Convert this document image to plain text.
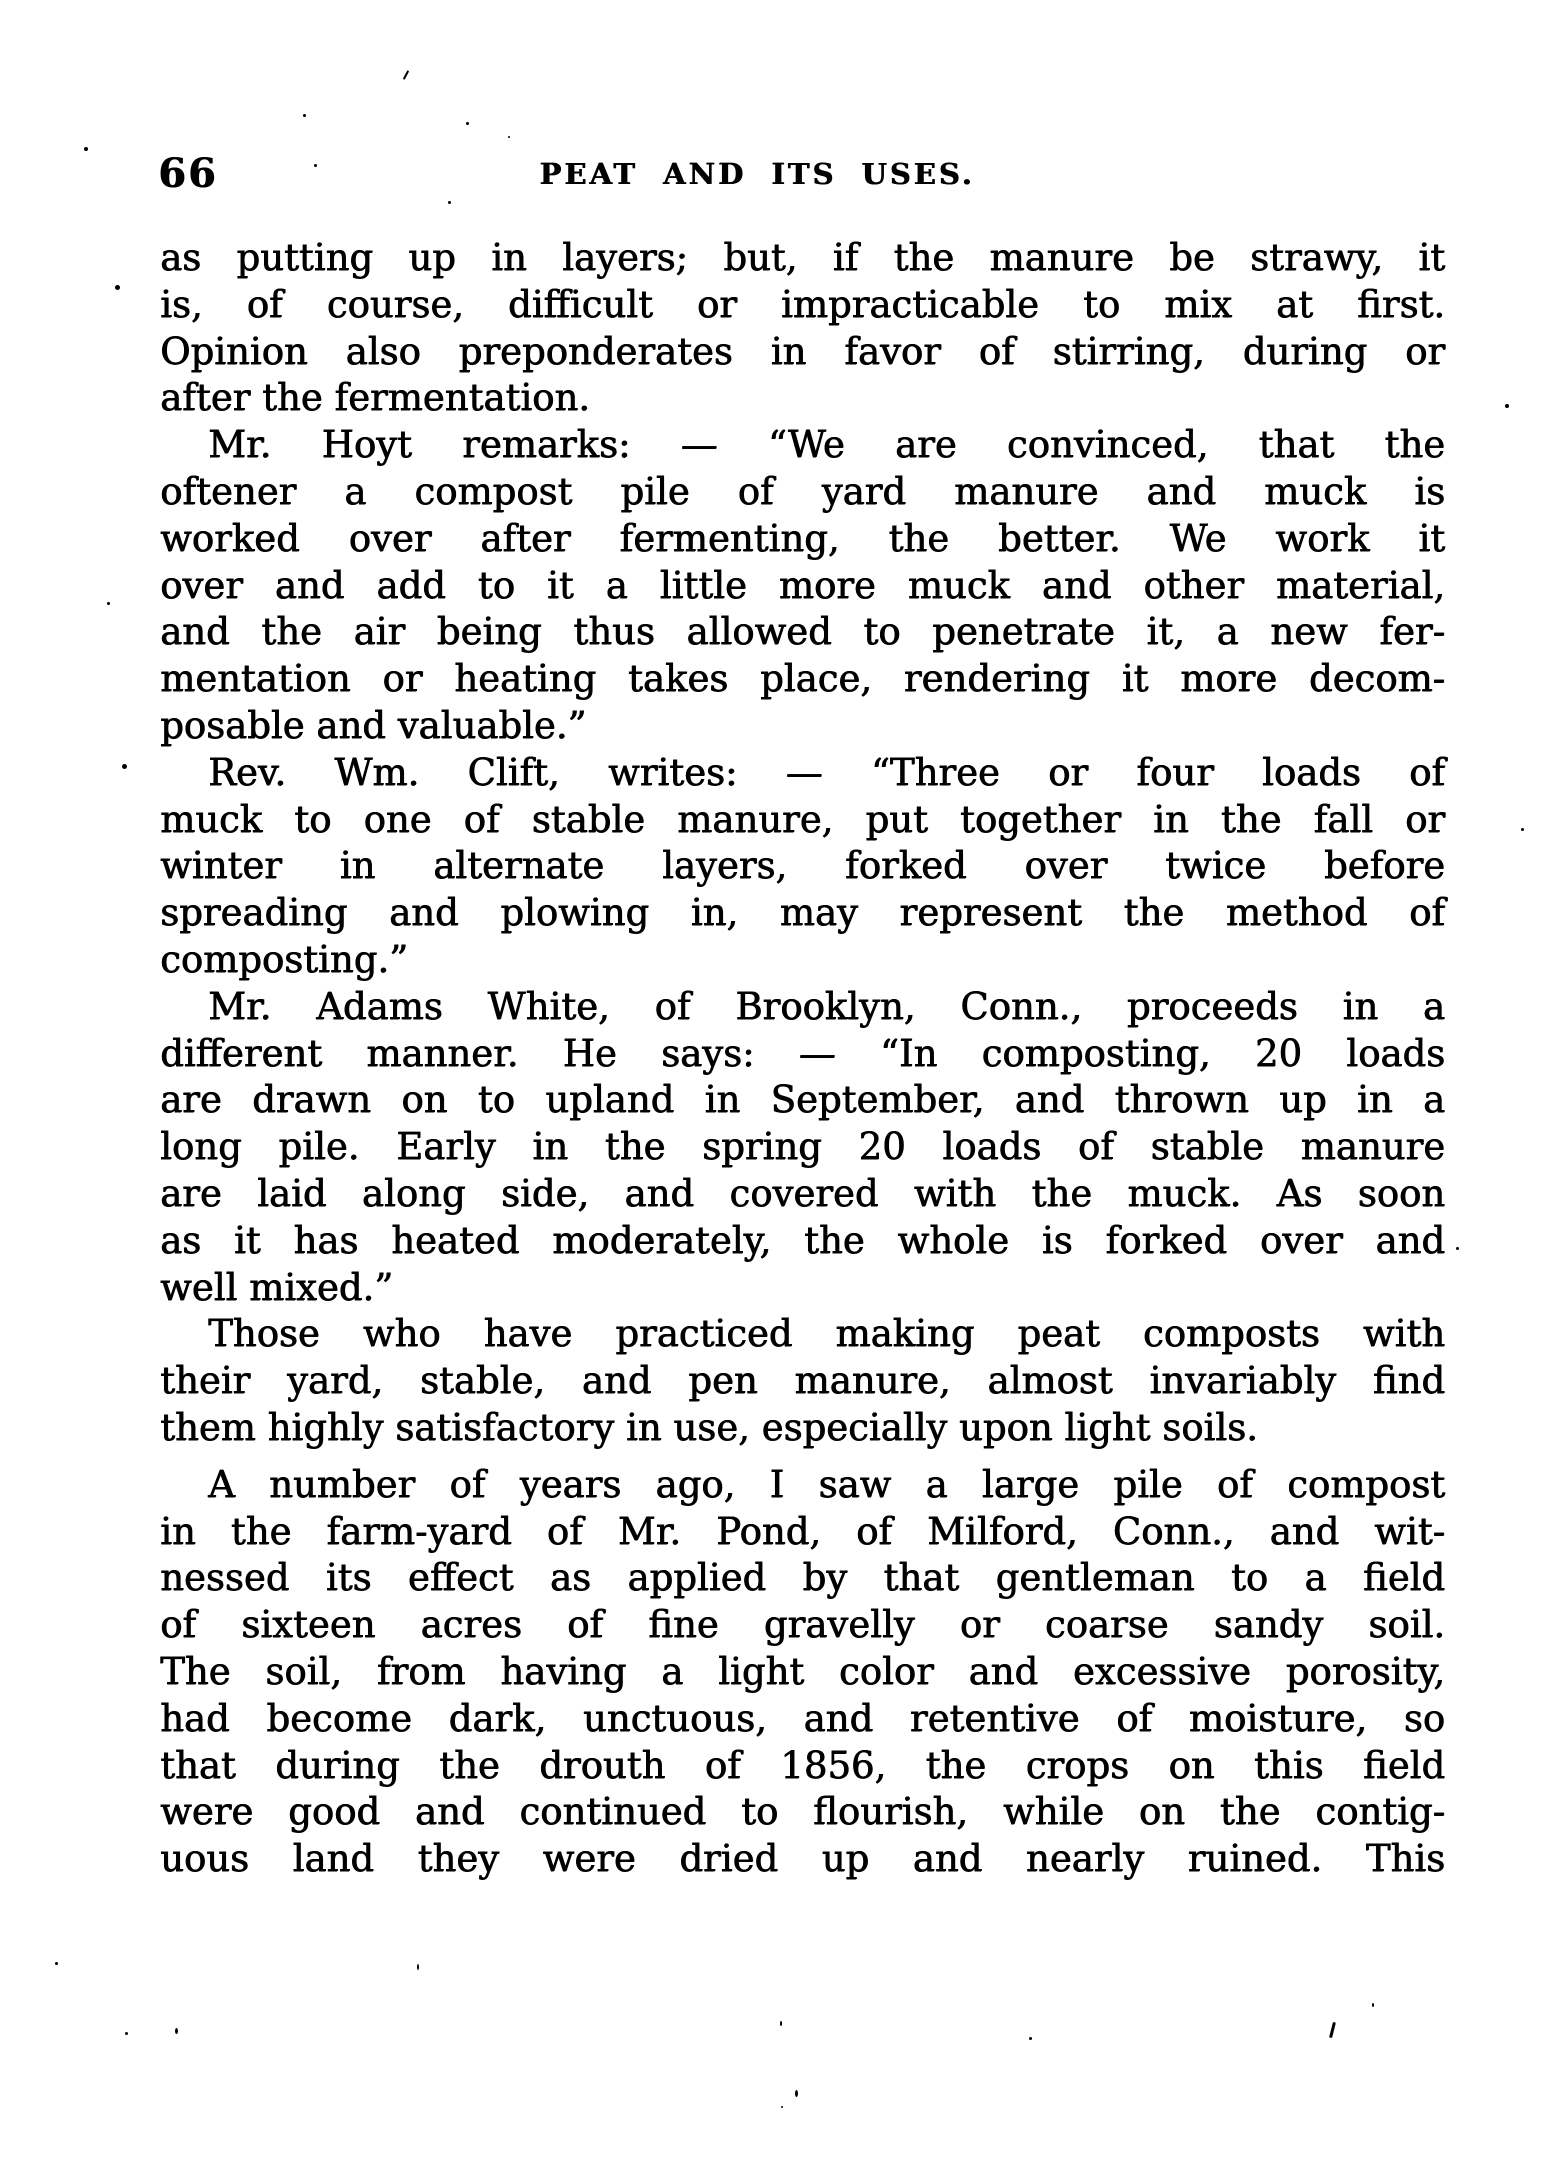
66	PEAT AND ITS USES.
as putting up in layers; but, if the manure be strawy, it
is, of course, difficult or impracticable to mix at first.
Opinion also preponderates in favor of stirring, during or
after the fermentation.
Mr. Hoyt remarks: — “We are convinced, that the
oftener a compost pile of yard manure and muck is
worked over after fermenting, the better. We work it
over and add to it a little more muck and other material,
and the air being thus allowed to penetrate it, a new fer-
mentation or heating takes place, rendering it more decom-
posable and valuable.”
Rev. Wm. Clift, writes: — “Three or four loads of
muck to one of stable manure, put together in the fall or
winter in alternate layers, forked over twice before
spreading and plowing in, may represent the method of
composting.”
Mr. Adams White, of Brooklyn, Conn., proceeds in a
different manner. He says: — “In composting, 20 loads
are drawn on to upland in September, and thrown up in a
long pile. Early in the spring 20 loads of stable manure
are laid along side, and covered with the muck. As soon
as it has heated moderately, the whole is forked over and
well mixed.”
Those who have practiced making peat composts with
their yard, stable, and pen manure, almost invariably find
them highly satisfactory in use, especially upon light soils.
A number of years ago, I saw a large pile of compost
in the farm-yard of Mr. Pond, of Milford, Conn., and wit-
nessed its effect as applied by that gentleman to a field
of sixteen acres of fine gravelly or coarse sandy soil.
The soil, from having a light color and excessive porosity,
had become dark, unctuous, and retentive of moisture, so
that during the drouth of 1856, the crops on this field
were good and continued to flourish, while on the contig-
uous land they were dried up and nearly ruined. This
